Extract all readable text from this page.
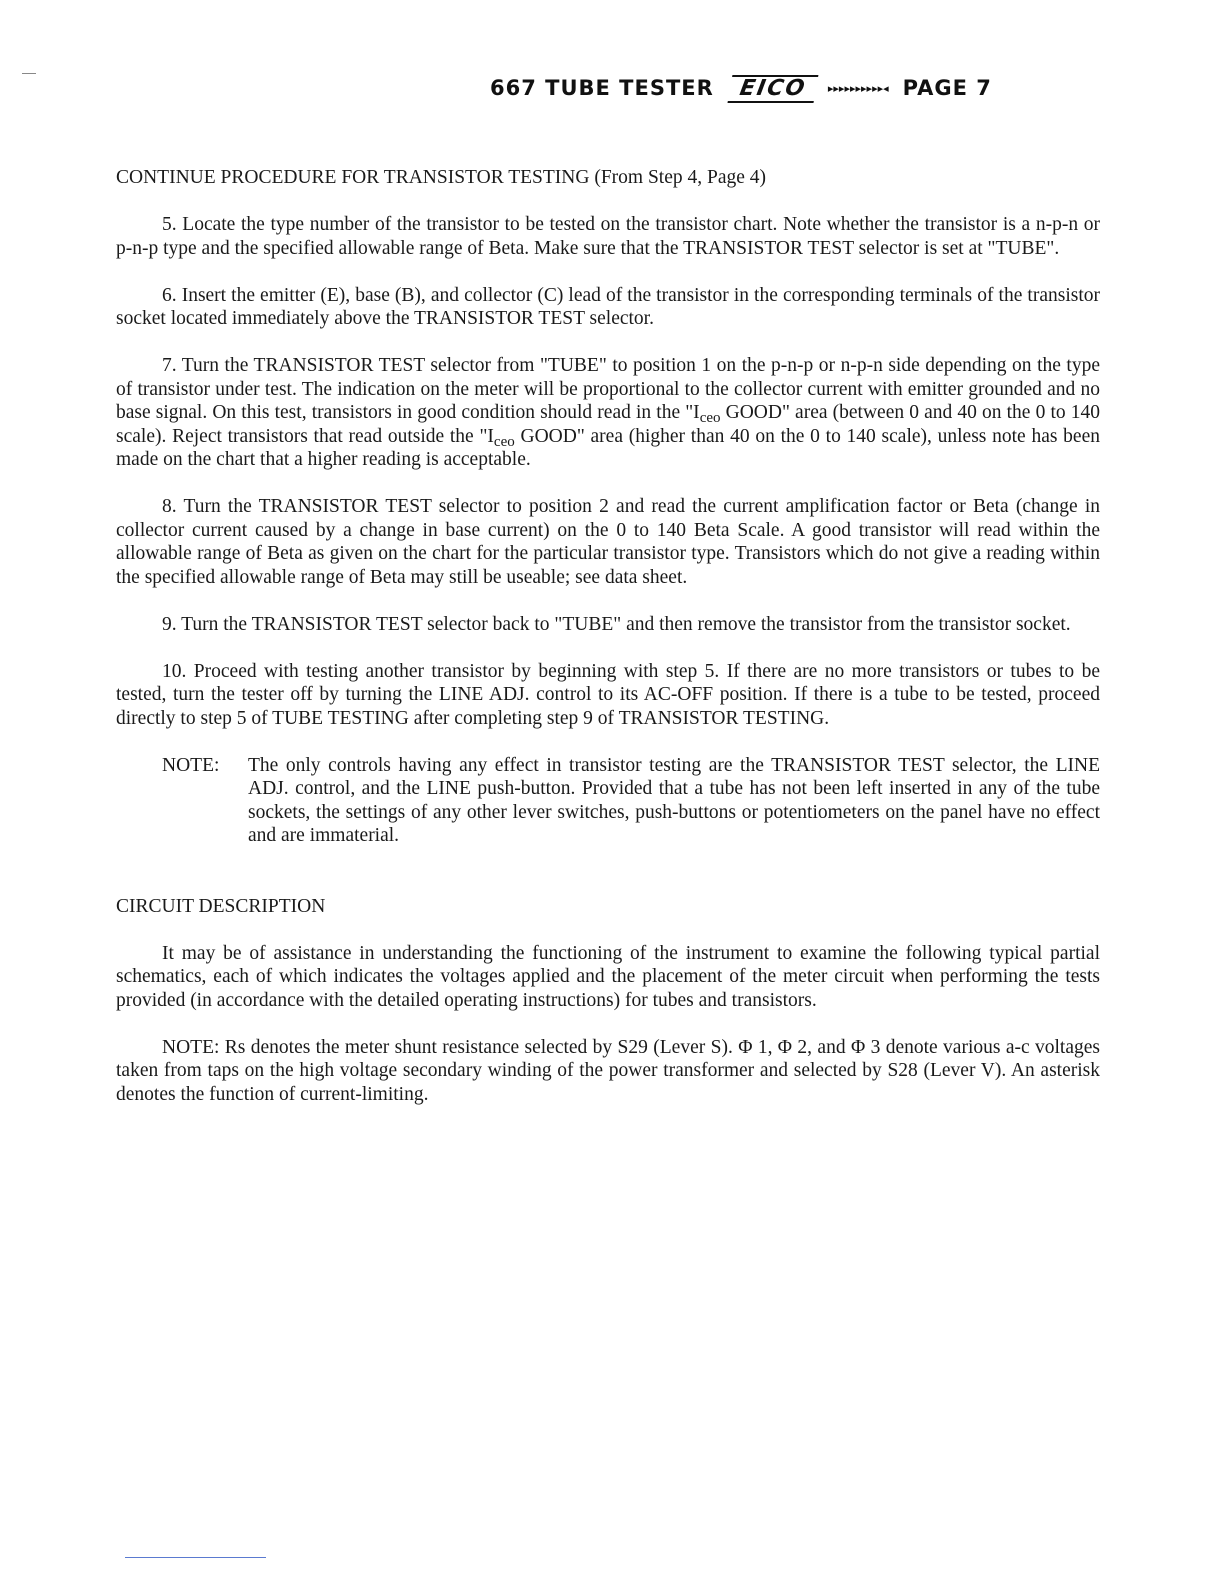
667 TUBE TESTER	EICO	▸▸▸▸▸▸▸▸▸▸◂ PAGE 7

CONTINUE PROCEDURE FOR TRANSISTOR TESTING (From Step 4, Page 4)

5. Locate the type number of the transistor to be tested on the transistor chart. Note whether the transistor is a n-p-n or p-n-p type and the specified allowable range of Beta. Make sure that the TRANSISTOR TEST selector is set at "TUBE".

6. Insert the emitter (E), base (B), and collector (C) lead of the transistor in the corresponding terminals of the transistor socket located immediately above the TRANSISTOR TEST selector.

7. Turn the TRANSISTOR TEST selector from "TUBE" to position 1 on the p-n-p or n-p-n side depending on the type of transistor under test. The indication on the meter will be proportional to the collector current with emitter grounded and no base signal. On this test, transistors in good condition should read in the "$I_{ceo}$ GOOD" area (between 0 and 40 on the 0 to 140 scale). Reject transistors that read outside the "$I_{ceo}$ GOOD" area (higher than 40 on the 0 to 140 scale), unless note has been made on the chart that a higher reading is acceptable.

8. Turn the TRANSISTOR TEST selector to position 2 and read the current amplification factor or Beta (change in collector current caused by a change in base current) on the 0 to 140 Beta Scale. A good transistor will read within the allowable range of Beta as given on the chart for the particular transistor type. Transistors which do not give a reading within the specified allowable range of Beta may still be useable; see data sheet.

9. Turn the TRANSISTOR TEST selector back to "TUBE" and then remove the transistor from the transistor socket.

10. Proceed with testing another transistor by beginning with step 5. If there are no more transistors or tubes to be tested, turn the tester off by turning the LINE ADJ. control to its AC-OFF position. If there is a tube to be tested, proceed directly to step 5 of TUBE TESTING after completing step 9 of TRANSISTOR TESTING.

NOTE:	The only controls having any effect in transistor testing are the TRANSISTOR TEST selector, the LINE ADJ. control, and the LINE push-button. Provided that a tube has not been left inserted in any of the tube sockets, the settings of any other lever switches, push-buttons or potentiometers on the panel have no effect and are immaterial.

CIRCUIT DESCRIPTION

It may be of assistance in understanding the functioning of the instrument to examine the following typical partial schematics, each of which indicates the voltages applied and the placement of the meter circuit when performing the tests provided (in accordance with the detailed operating instructions) for tubes and transistors.

NOTE: Rs denotes the meter shunt resistance selected by S29 (Lever S). Φ 1, Φ 2, and Φ 3 denote various a-c voltages taken from taps on the high voltage secondary winding of the power transformer and selected by S28 (Lever V). An asterisk denotes the function of current-limiting.
